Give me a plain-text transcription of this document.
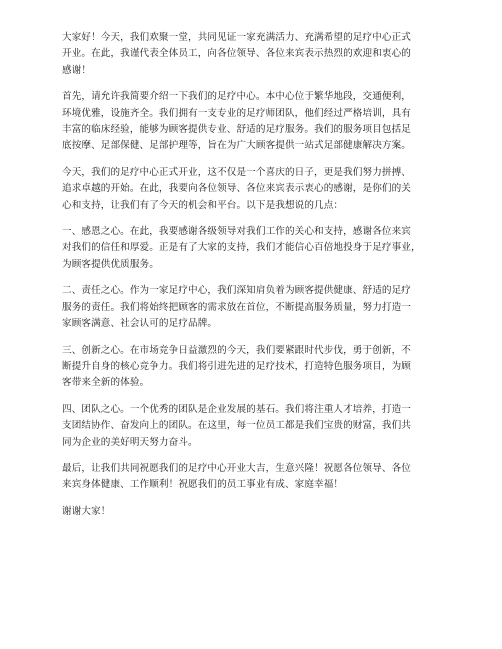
大家好！今天，我们欢聚一堂，共同见证一家充满活力、充满希望的足疗中心正式
开业。在此，我谨代表全体员工，向各位领导、各位来宾表示热烈的欢迎和衷心的
感谢！

首先，请允许我简要介绍一下我们的足疗中心。本中心位于繁华地段，交通便利，
环境优雅，设施齐全。我们拥有一支专业的足疗师团队，他们经过严格培训，具有
丰富的临床经验，能够为顾客提供专业、舒适的足疗服务。我们的服务项目包括足
底按摩、足部保健、足部护理等，旨在为广大顾客提供一站式足部健康解决方案。

今天，我们的足疗中心正式开业，这不仅是一个喜庆的日子，更是我们努力拼搏、
追求卓越的开始。在此，我要向各位领导、各位来宾表示衷心的感谢，是你们的关
心和支持，让我们有了今天的机会和平台。以下是我想说的几点：

一、感恩之心。在此，我要感谢各级领导对我们工作的关心和支持，感谢各位来宾
对我们的信任和厚爱。正是有了大家的支持，我们才能信心百倍地投身于足疗事业，
为顾客提供优质服务。

二、责任之心。作为一家足疗中心，我们深知肩负着为顾客提供健康、舒适的足疗
服务的责任。我们将始终把顾客的需求放在首位，不断提高服务质量，努力打造一
家顾客满意、社会认可的足疗品牌。

三、创新之心。在市场竞争日益激烈的今天，我们要紧跟时代步伐，勇于创新，不
断提升自身的核心竞争力。我们将引进先进的足疗技术，打造特色服务项目，为顾
客带来全新的体验。

四、团队之心。一个优秀的团队是企业发展的基石。我们将注重人才培养，打造一
支团结协作、奋发向上的团队。在这里，每一位员工都是我们宝贵的财富，我们共
同为企业的美好明天努力奋斗。

最后，让我们共同祝愿我们的足疗中心开业大吉，生意兴隆！祝愿各位领导、各位
来宾身体健康、工作顺利！祝愿我们的员工事业有成、家庭幸福！

谢谢大家！
